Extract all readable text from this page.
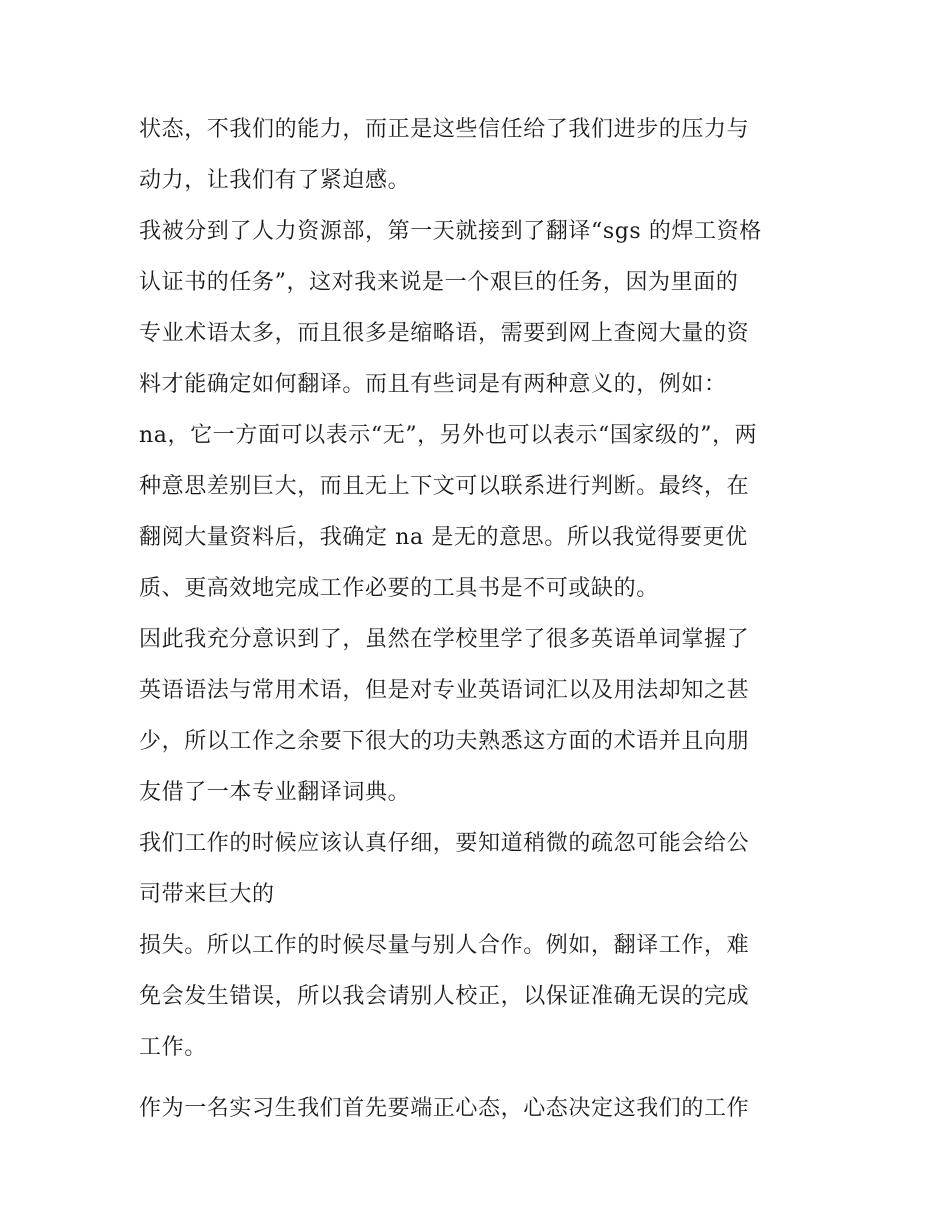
状态，不我们的能力，而正是这些信任给了我们进步的压力与
动力，让我们有了紧迫感。
我被分到了人力资源部，第一天就接到了翻译“sgs 的焊工资格
认证书的任务”，这对我来说是一个艰巨的任务，因为里面的
专业术语太多，而且很多是缩略语，需要到网上查阅大量的资
料才能确定如何翻译。而且有些词是有两种意义的，例如：
na，它一方面可以表示“无”，另外也可以表示“国家级的”，两
种意思差别巨大，而且无上下文可以联系进行判断。最终，在
翻阅大量资料后，我确定 na 是无的意思。所以我觉得要更优
质、更高效地完成工作必要的工具书是不可或缺的。
因此我充分意识到了，虽然在学校里学了很多英语单词掌握了
英语语法与常用术语，但是对专业英语词汇以及用法却知之甚
少，所以工作之余要下很大的功夫熟悉这方面的术语并且向朋
友借了一本专业翻译词典。
我们工作的时候应该认真仔细，要知道稍微的疏忽可能会给公
司带来巨大的
损失。所以工作的时候尽量与别人合作。例如，翻译工作，难
免会发生错误，所以我会请别人校正，以保证准确无误的完成
工作。
作为一名实习生我们首先要端正心态，心态决定这我们的工作
